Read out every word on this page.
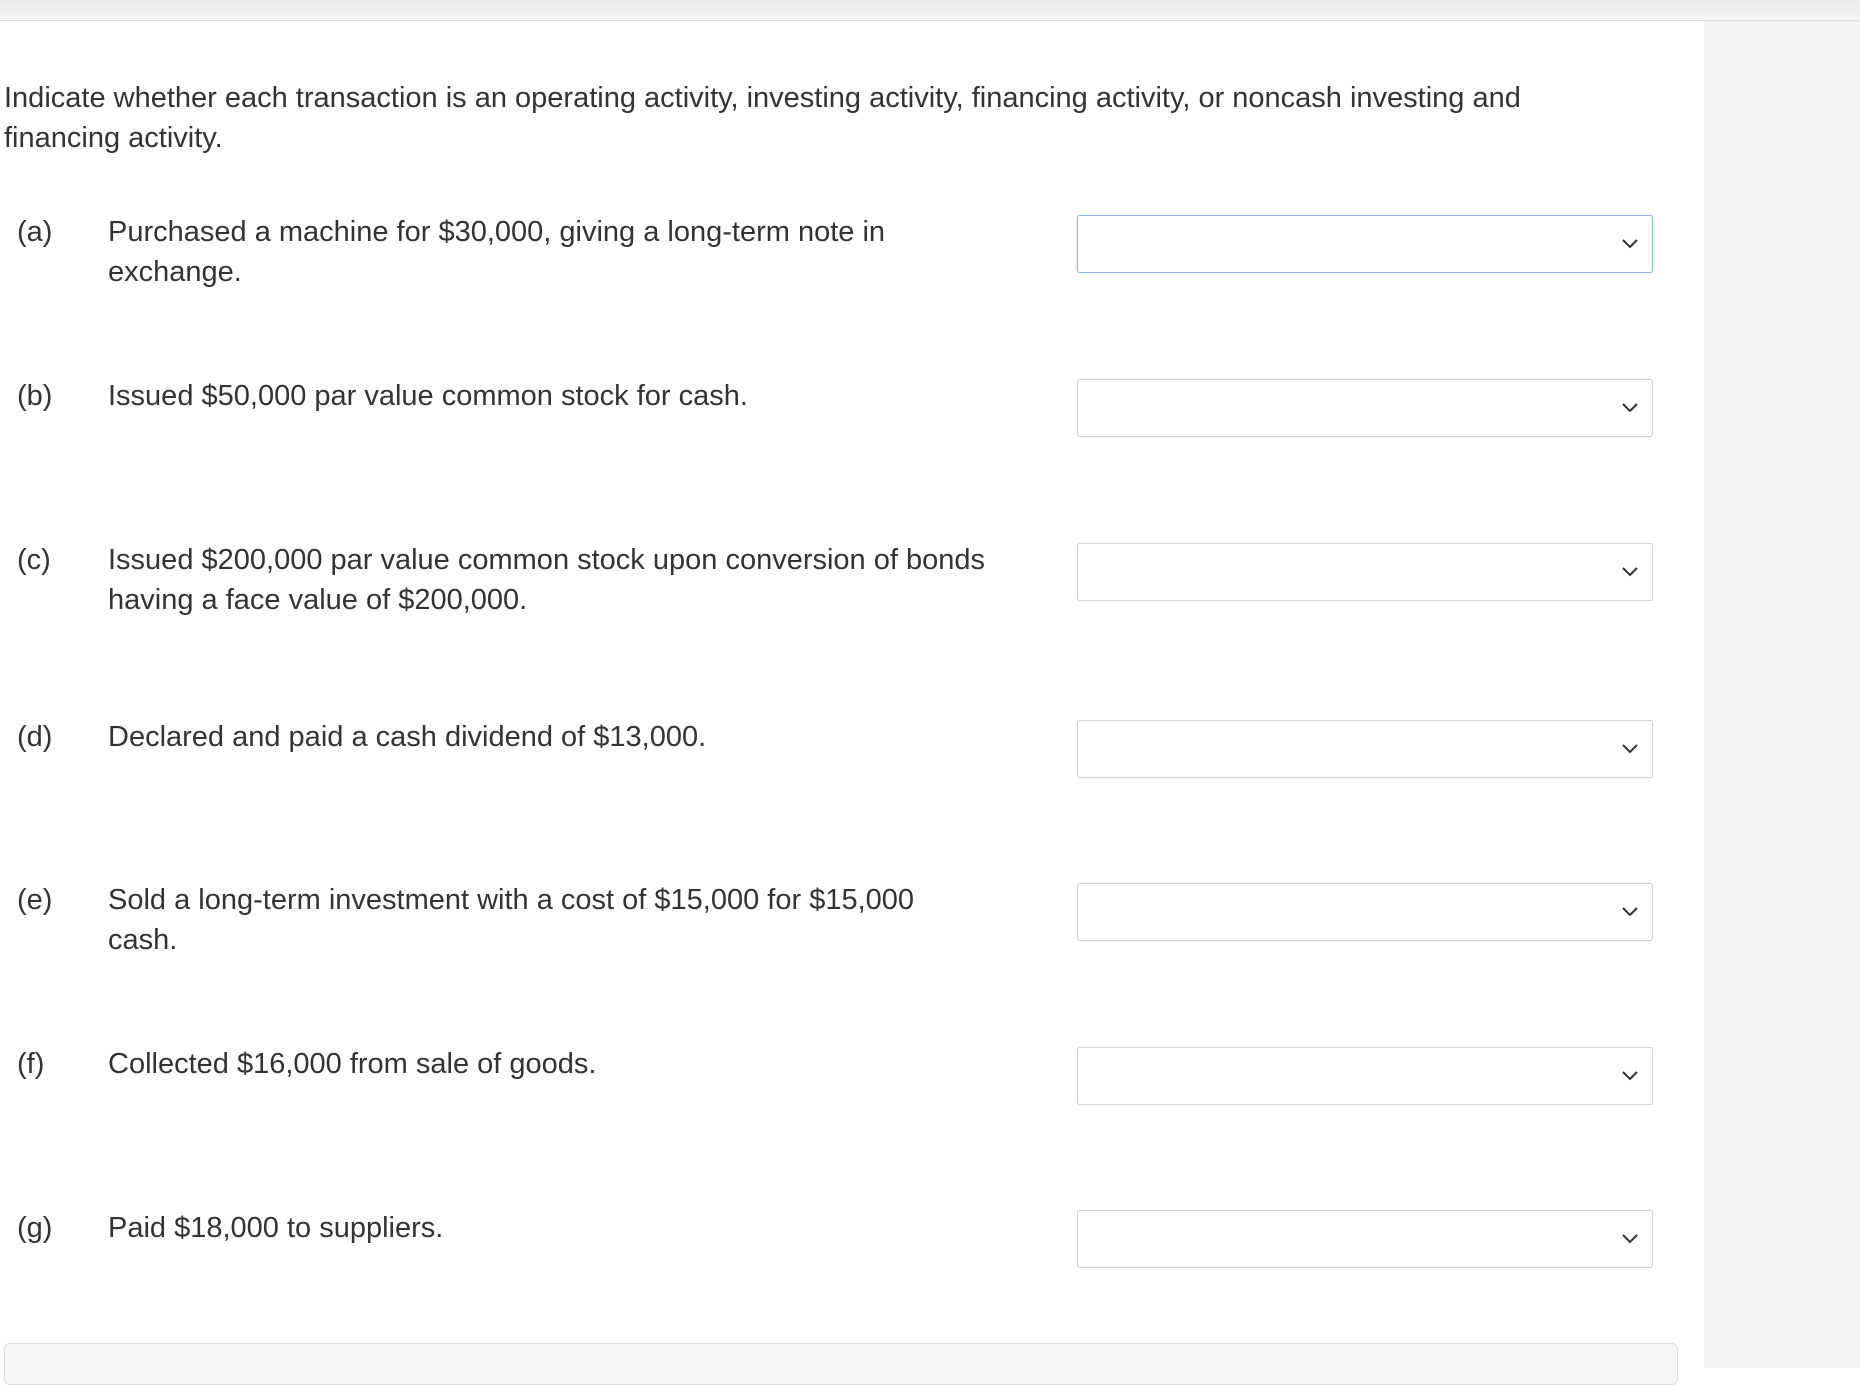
Indicate whether each transaction is an operating activity, investing activity, financing activity, or noncash investing and financing activity.
(a) Purchased a machine for $30,000, giving a long-term note in exchange.
(b) Issued $50,000 par value common stock for cash.
(c) Issued $200,000 par value common stock upon conversion of bonds having a face value of $200,000.
(d) Declared and paid a cash dividend of $13,000.
(e) Sold a long-term investment with a cost of $15,000 for $15,000 cash.
(f) Collected $16,000 from sale of goods.
(g) Paid $18,000 to suppliers.
